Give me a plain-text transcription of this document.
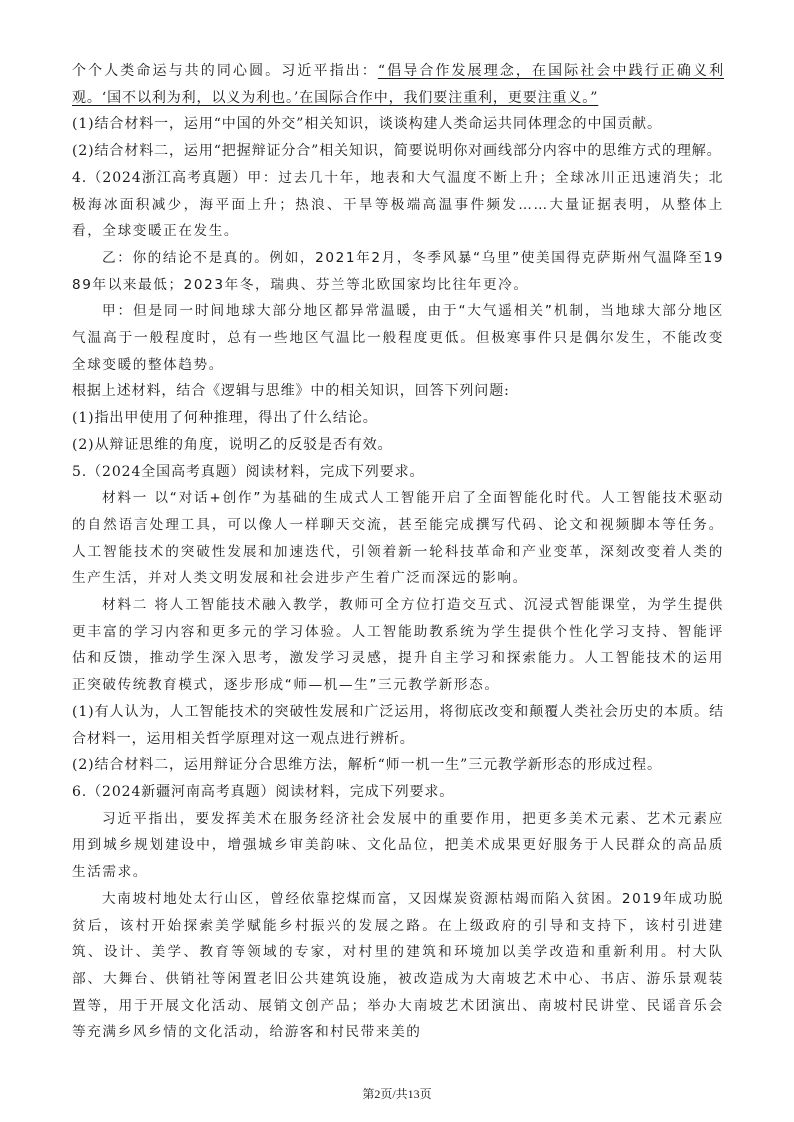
个个人类命运与共的同心圆。习近平指出：“倡导合作发展理念，在国际社会中践行正确义利观。‘国不以利为利，以义为利也。’在国际合作中，我们要注重利，更要注重义。”

(1)结合材料一，运用“中国的外交”相关知识，谈谈构建人类命运共同体理念的中国贡献。

(2)结合材料二，运用“把握辩证分合”相关知识，简要说明你对画线部分内容中的思维方式的理解。

4.（2024浙江高考真题）甲：过去几十年，地表和大气温度不断上升；全球冰川正迅速消失；北极海冰面积减少，海平面上升；热浪、干旱等极端高温事件频发……大量证据表明，从整体上看，全球变暖正在发生。

乙：你的结论不是真的。例如，2021年2月，冬季风暴“乌里”使美国得克萨斯州气温降至1989年以来最低；2023年冬，瑞典、芬兰等北欧国家均比往年更冷。

甲：但是同一时间地球大部分地区都异常温暖，由于“大气遥相关”机制，当地球大部分地区气温高于一般程度时，总有一些地区气温比一般程度更低。但极寒事件只是偶尔发生，不能改变全球变暖的整体趋势。

根据上述材料，结合《逻辑与思维》中的相关知识，回答下列问题:

(1)指出甲使用了何种推理，得出了什么结论。

(2)从辩证思维的角度，说明乙的反驳是否有效。

5.（2024全国高考真题）阅读材料，完成下列要求。

材料一 以“对话+创作”为基础的生成式人工智能开启了全面智能化时代。人工智能技术驱动的自然语言处理工具，可以像人一样聊天交流，甚至能完成撰写代码、论文和视频脚本等任务。人工智能技术的突破性发展和加速迭代，引领着新一轮科技革命和产业变革，深刻改变着人类的生产生活，并对人类文明发展和社会进步产生着广泛而深远的影响。

材料二 将人工智能技术融入教学，教师可全方位打造交互式、沉浸式智能课堂，为学生提供更丰富的学习内容和更多元的学习体验。人工智能助教系统为学生提供个性化学习支持、智能评估和反馈，推动学生深入思考，激发学习灵感，提升自主学习和探索能力。人工智能技术的运用正突破传统教育模式，逐步形成“师—机—生”三元教学新形态。

(1)有人认为，人工智能技术的突破性发展和广泛运用，将彻底改变和颠覆人类社会历史的本质。结合材料一，运用相关哲学原理对这一观点进行辨析。

(2)结合材料二，运用辩证分合思维方法，解析“师一机一生”三元教学新形态的形成过程。

6.（2024新疆河南高考真题）阅读材料，完成下列要求。

习近平指出，要发挥美术在服务经济社会发展中的重要作用，把更多美术元素、艺术元素应用到城乡规划建设中，增强城乡审美韵味、文化品位，把美术成果更好服务于人民群众的高品质生活需求。

大南坡村地处太行山区，曾经依靠挖煤而富，又因煤炭资源枯竭而陷入贫困。2019年成功脱贫后，该村开始探索美学赋能乡村振兴的发展之路。在上级政府的引导和支持下，该村引进建筑、设计、美学、教育等领域的专家，对村里的建筑和环境加以美学改造和重新利用。村大队部、大舞台、供销社等闲置老旧公共建筑设施，被改造成为大南坡艺术中心、书店、游乐景观装置等，用于开展文化活动、展销文创产品；举办大南坡艺术团演出、南坡村民讲堂、民谣音乐会等充满乡风乡情的文化活动，给游客和村民带来美的

第2页/共13页
